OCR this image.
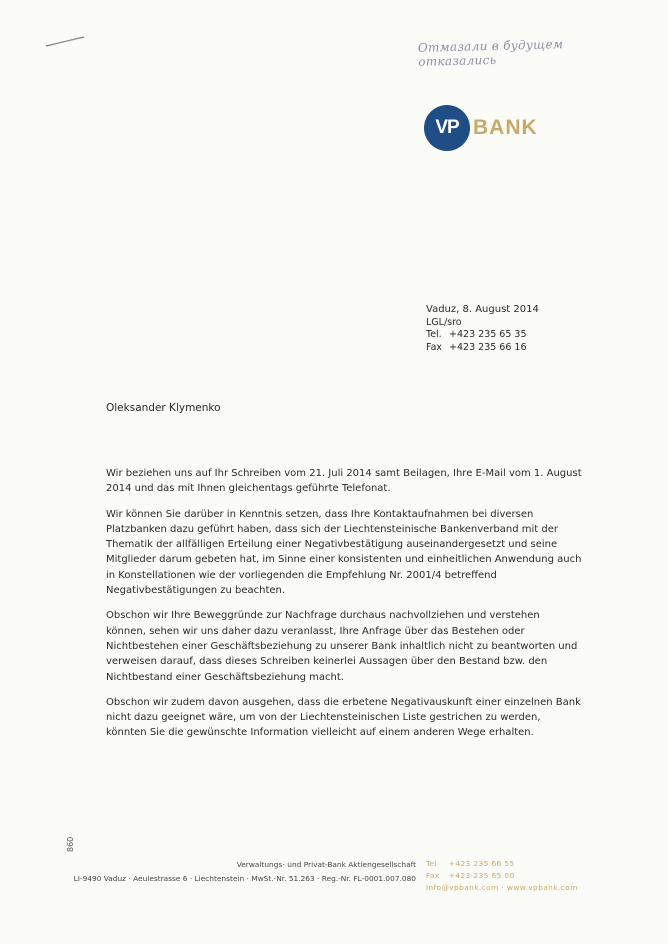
Отмазали в будущем отказались
VP BANK
Vaduz, 8. August 2014
LGL/sro
Tel. +423 235 65 35
Fax +423 235 66 16
Oleksander Klymenko

Wir beziehen uns auf Ihr Schreiben vom 21. Juli 2014 samt Beilagen, Ihre E-Mail vom 1. August 2014 und das mit Ihnen gleichentags geführte Telefonat.

Wir können Sie darüber in Kenntnis setzen, dass Ihre Kontaktaufnahmen bei diversen Platzbanken dazu geführt haben, dass sich der Liechtensteinische Bankenverband mit der Thematik der allfälligen Erteilung einer Negativbestätigung auseinandergesetzt und seine Mitglieder darum gebeten hat, im Sinne einer konsistenten und einheitlichen Anwendung auch in Konstellationen wie der vorliegenden die Empfehlung Nr. 2001/4 betreffend Negativbestätigungen zu beachten.

Obschon wir Ihre Beweggründe zur Nachfrage durchaus nachvollziehen und verstehen können, sehen wir uns daher dazu veranlasst, Ihre Anfrage über das Bestehen oder Nichtbestehen einer Geschäftsbeziehung zu unserer Bank inhaltlich nicht zu beantworten und verweisen darauf, dass dieses Schreiben keinerlei Aussagen über den Bestand bzw. den Nichtbestand einer Geschäftsbeziehung macht.

Obschon wir zudem davon ausgehen, dass die erbetene Negativauskunft einer einzelnen Bank nicht dazu geeignet wäre, um von der Liechtensteinischen Liste gestrichen zu werden, könnten Sie die gewünschte Information vielleicht auf einem anderen Wege erhalten.

860
Verwaltungs- und Privat-Bank Aktiengesellschaft
LI-9490 Vaduz · Aeulestrasse 6 · Liechtenstein · MwSt.-Nr. 51.263 · Reg.-Nr. FL-0001.007.080
Tel +423 235 66 55
Fax +423 235 65 00
info@vpbank.com · www.vpbank.com
